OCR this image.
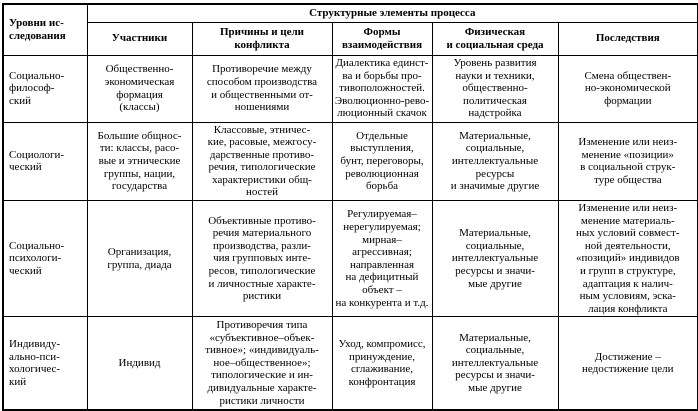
Уровни ис-
следования	Структурные элементы процесса				
	Участники	Причины и цели
конфликта	Формы
взаимодействия	Физическая
и социальная среда	Последствия
Социально-
философ-
ский	Общественно-
экономическая
формация
(классы)	Противоречие между
способом производства
и общественными от-
ношениями	Диалектика единст-
ва и борьбы про-
тивоположностей.
Эволюционно-рево-
люционный скачок	Уровень развития
науки и техники,
общественно-
политическая
надстройка	Смена обществен-
но-экономической
формации
Социологи-
ческий	Большие общнос-
ти: классы, расо-
вые и этнические
группы, нации,
государства	Классовые, этничес-
кие, расовые, межгосу-
дарственные противо-
речия, типологические
характеристики общ-
ностей	Отдельные
выступления,
бунт, переговоры,
революционная
борьба	Материальные,
социальные,
интеллектуальные
ресурсы
и значимые другие	Изменение или неиз-
менение «позиции»
в социальной струк-
туре общества
Социально-
психологи-
ческий	Организация,
группа, диада	Объективные противо-
речия материального
производства, разли-
чия групповых инте-
ресов, типологические
и личностные характе-
ристики	Регулируемая–
нерегулируемая;
мирная–
агрессивная;
направленная
на дефицитный
объект –
на конкурента и т.д.	Материальные,
социальные,
интеллектуальные
ресурсы и значи-
мые другие	Изменение или неиз-
менение материаль-
ных условий совмест-
ной деятельности,
«позиций» индивидов
и групп в структуре,
адаптация к налич-
ным условиям, эска-
лация конфликта
Индивиду-
ально-пси-
хологичес-
кий	Индивид	Противоречия типа
«субъективное–объек-
тивное»; «индивидуаль-
ное–общественное»;
типологические и ин-
дивидуальные характе-
ристики личности	Уход, компромисс,
принуждение,
сглаживание,
конфронтация	Материальные,
социальные,
интеллектуальные
ресурсы и значи-
мые другие	Достижение –
недостижение цели
